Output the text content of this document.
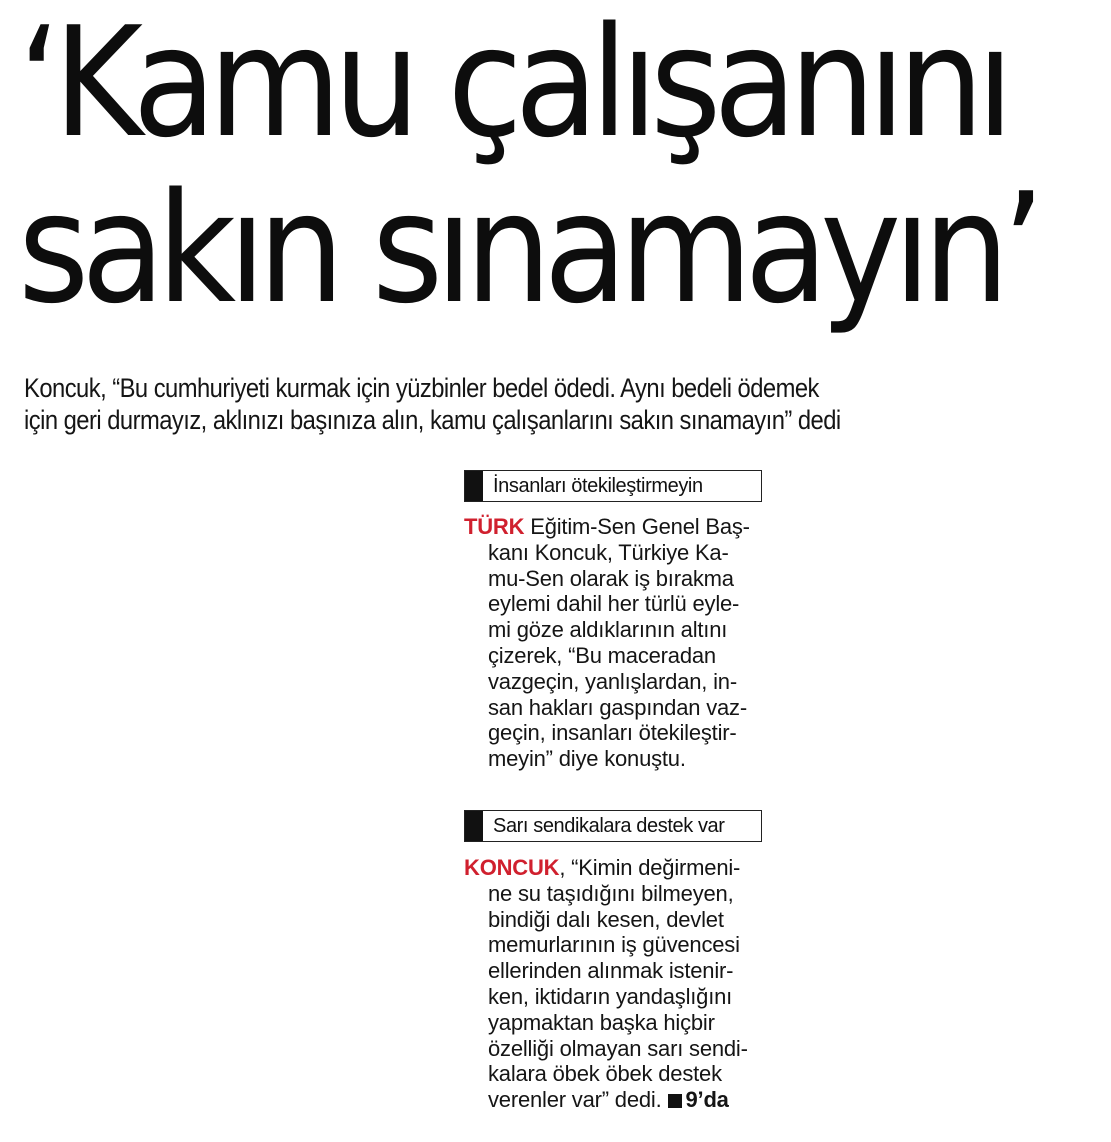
‘Kamu çalışanını
sakın sınamayın’

Koncuk, “Bu cumhuriyeti kurmak için yüzbinler bedel ödedi. Aynı bedeli ödemek
için geri durmayız, aklınızı başınıza alın, kamu çalışanlarını sakın sınamayın” dedi

İnsanları ötekileştirmeyin
TÜRK Eğitim-Sen Genel Baş-
kanı Koncuk, Türkiye Ka-
mu-Sen olarak iş bırakma
eylemi dahil her türlü eyle-
mi göze aldıklarının altını
çizerek, “Bu maceradan
vazgeçin, yanlışlardan, in-
san hakları gaspından vaz-
geçin, insanları ötekileştir-
meyin” diye konuştu.
Sarı sendikalara destek var
KONCUK, “Kimin değirmeni-
ne su taşıdığını bilmeyen,
bindiği dalı kesen, devlet
memurlarının iş güvencesi
ellerinden alınmak istenir-
ken, iktidarın yandaşlığını
yapmaktan başka hiçbir
özelliği olmayan sarı sendi-
kalara öbek öbek destek
verenler var” dedi. 9’da
